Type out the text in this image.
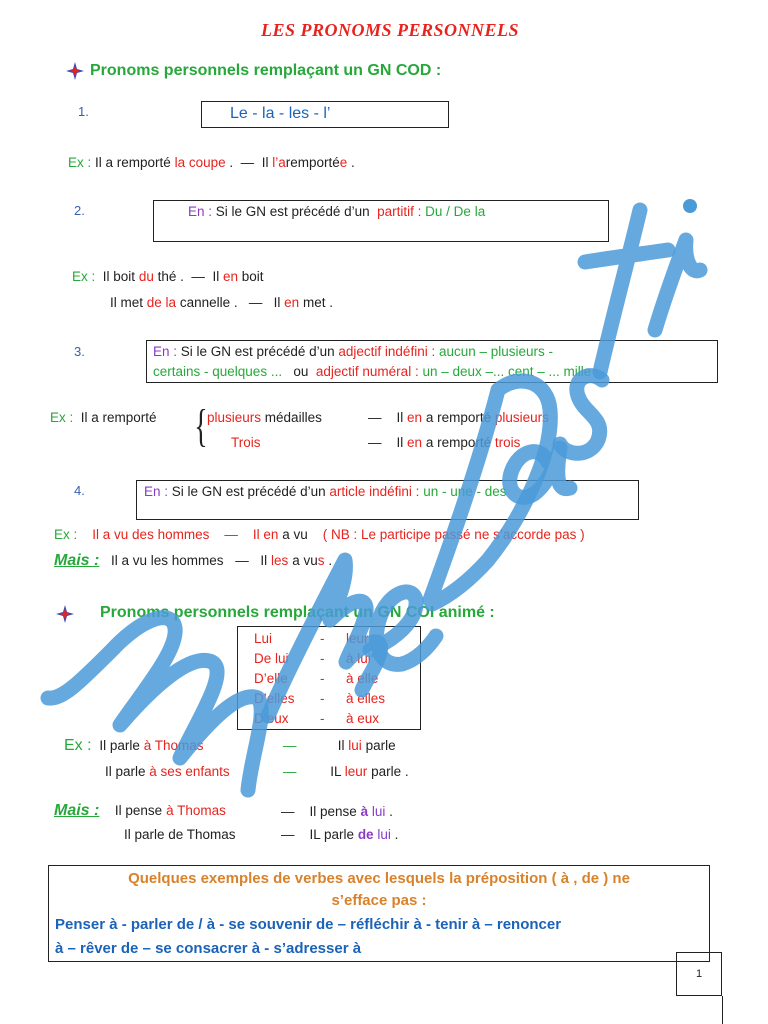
LES PRONOMS PERSONNELS
Pronoms personnels remplaçant un GN COD :
1.	Le - la - les - l’
Ex : Il a remporté la coupe . — Il l’aremportée .
2.	En : Si le GN est précédé d’un partitif : Du / De la
Ex : Il boit du thé . — Il en boit
Il met de la cannelle . — Il en met .
3.	En : Si le GN est précédé d’un adjectif indéfini : aucun – plusieurs -
certains - quelques ... ou adjectif numéral : un – deux –... cent – ... mille
Ex : Il a remporté { plusieurs médailles	— Il en a remporté plusieurs
Trois	— Il en a remporté trois
4.	En : Si le GN est précédé d’un article indéfini : un - une - des
Ex : Il a vu des hommes — Il en a vu ( NB : Le participe passé ne s’accorde pas )
Mais : Il a vu les hommes — Il les a vus .
Pronoms personnels remplaçant un GN COI animé :
Lui	- leur
De lui - à lui
D’elle - à elle
D’elles - à elles
D’eux - à eux
Ex : Il parle à Thomas	—	Il lui parle
Il parle à ses enfants	—	IL leur parle .
Mais : Il pense à Thomas	— Il pense à lui .
Il parle de Thomas	— IL parle de lui .
Quelques exemples de verbes avec lesquels la préposition ( à , de ) ne
s’efface pas :
Penser à - parler de / à - se souvenir de – réfléchir à - tenir à – renoncer
à – rêver de – se consacrer à - s’adresser à
1
